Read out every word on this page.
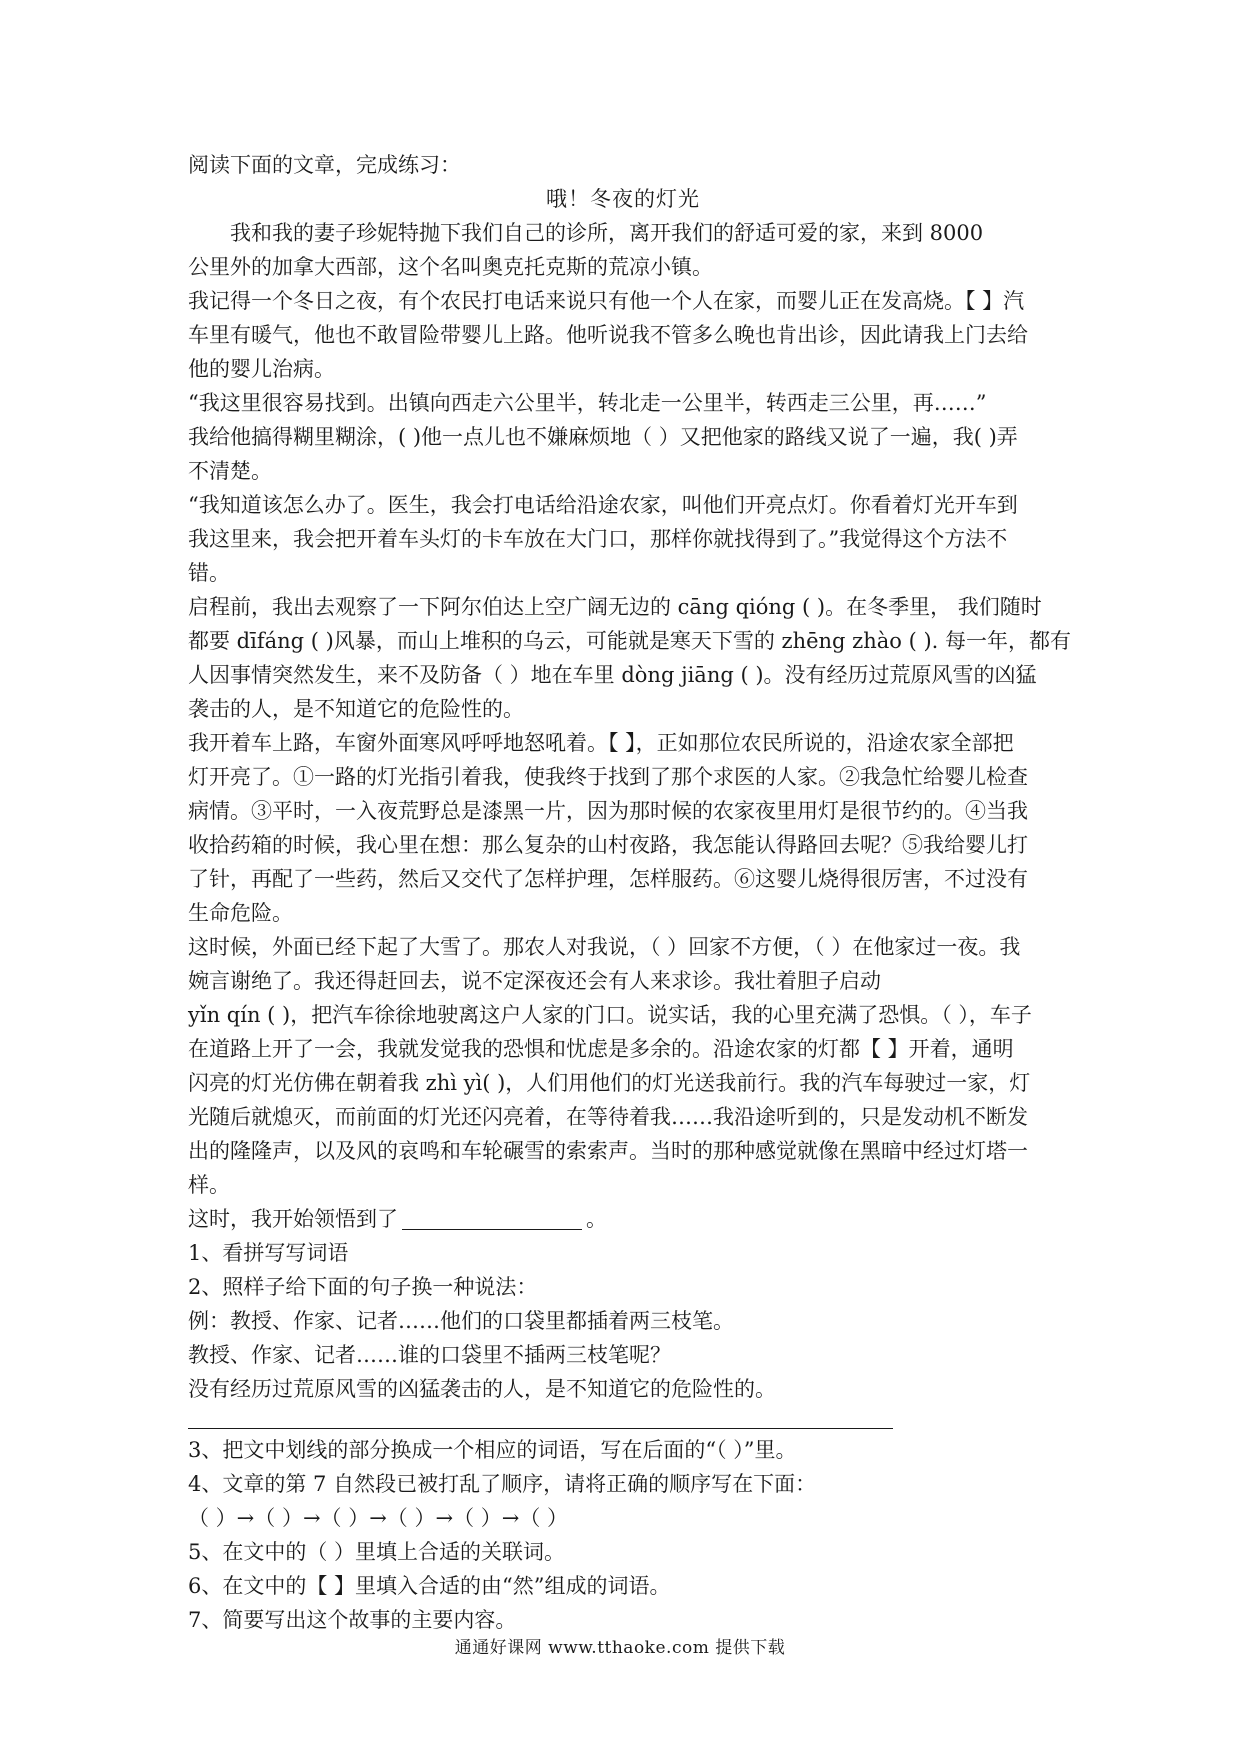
阅读下面的文章，完成练习：
哦！冬夜的灯光
我和我的妻子珍妮特抛下我们自己的诊所，离开我们的舒适可爱的家，来到 8000
公里外的加拿大西部，这个名叫奥克托克斯的荒凉小镇。
我记得一个冬日之夜，有个农民打电话来说只有他一个人在家，而婴儿正在发高烧。【 】汽
车里有暖气，他也不敢冒险带婴儿上路。他听说我不管多么晚也肯出诊，因此请我上门去给
他的婴儿治病。
“我这里很容易找到。出镇向西走六公里半，转北走一公里半，转西走三公里，再……”
我给他搞得糊里糊涂，( )他一点儿也不嫌麻烦地（ ）又把他家的路线又说了一遍，我( )弄
不清楚。
“我知道该怎么办了。医生，我会打电话给沿途农家，叫他们开亮点灯。你看着灯光开车到
我这里来，我会把开着车头灯的卡车放在大门口，那样你就找得到了。”我觉得这个方法不
错。
启程前，我出去观察了一下阿尔伯达上空广阔无边的 cāng qióng ( )。在冬季里， 我们随时
都要 dīfáng ( )风暴，而山上堆积的乌云，可能就是寒天下雪的 zhēng zhào ( ). 每一年，都有
人因事情突然发生，来不及防备（ ）地在车里 dòng jiāng ( )。没有经历过荒原风雪的凶猛
袭击的人，是不知道它的危险性的。
我开着车上路，车窗外面寒风呼呼地怒吼着。【 】，正如那位农民所说的，沿途农家全部把
灯开亮了。①一路的灯光指引着我，使我终于找到了那个求医的人家。②我急忙给婴儿检查
病情。③平时，一入夜荒野总是漆黑一片，因为那时候的农家夜里用灯是很节约的。④当我
收拾药箱的时候，我心里在想：那么复杂的山村夜路，我怎能认得路回去呢？⑤我给婴儿打
了针，再配了一些药，然后又交代了怎样护理，怎样服药。⑥这婴儿烧得很厉害，不过没有
生命危险。
这时候，外面已经下起了大雪了。那农人对我说，（ ）回家不方便，（ ）在他家过一夜。我
婉言谢绝了。我还得赶回去，说不定深夜还会有人来求诊。我壮着胆子启动
yǐn qín ( )，把汽车徐徐地驶离这户人家的门口。说实话，我的心里充满了恐惧。（ ），车子
在道路上开了一会，我就发觉我的恐惧和忧虑是多余的。沿途农家的灯都【 】开着，通明
闪亮的灯光仿佛在朝着我 zhì yì( )，人们用他们的灯光送我前行。我的汽车每驶过一家，灯
光随后就熄灭，而前面的灯光还闪亮着，在等待着我……我沿途听到的，只是发动机不断发
出的隆隆声，以及风的哀鸣和车轮碾雪的索索声。当时的那种感觉就像在黑暗中经过灯塔一
样。
这时，我开始领悟到了	。
1、看拼写写词语
2、照样子给下面的句子换一种说法：
例：教授、作家、记者……他们的口袋里都插着两三枝笔。
教授、作家、记者……谁的口袋里不插两三枝笔呢？
没有经历过荒原风雪的凶猛袭击的人，是不知道它的危险性的。
3、把文中划线的部分换成一个相应的词语，写在后面的“（ ）”里。
4、文章的第 7 自然段已被打乱了顺序，请将正确的顺序写在下面：
（ ）→（ ）→（ ）→（ ）→（ ）→（ ）
5、在文中的（ ）里填上合适的关联词。
6、在文中的【 】里填入合适的由“然”组成的词语。
7、简要写出这个故事的主要内容。
通通好课网 www.tthaoke.com 提供下载
